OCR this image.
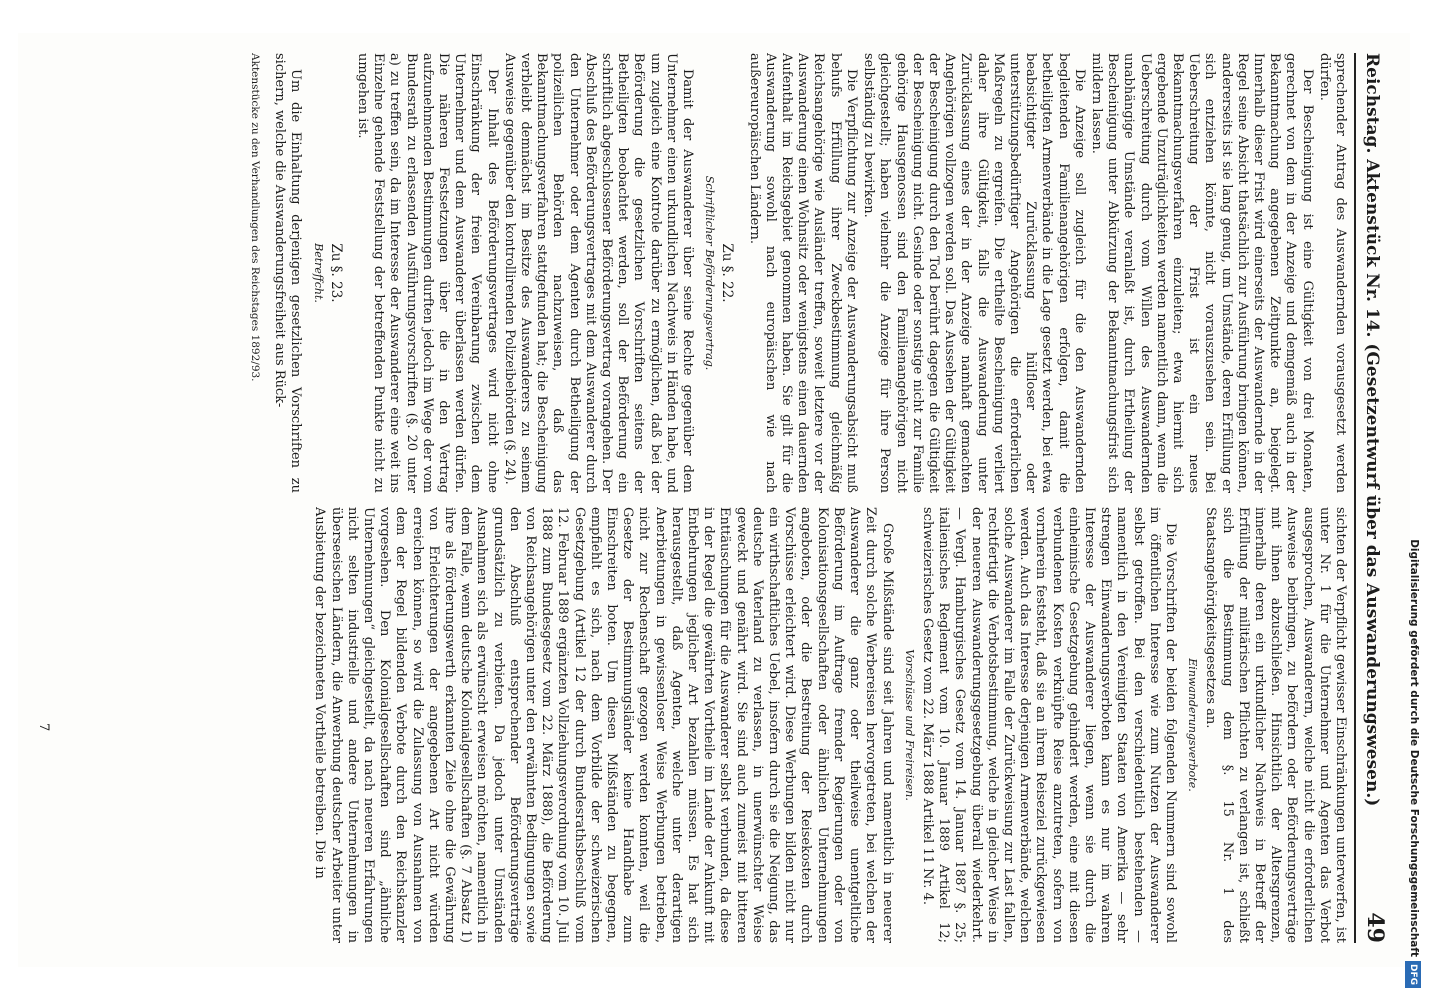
Reichstag. Aktenstück Nr. 14. (Gesetzentwurf über das Auswanderungswesen.)
49

sprechender Antrag des Auswandernden vorausgesetzt werden dürfen.

Der Bescheinigung ist eine Gültigkeit von drei Monaten, gerechnet von dem in der Anzeige und demgemäß auch in der Bekanntmachung angegebenen Zeitpunkte an, beigelegt. Innerhalb dieser Frist wird einerseits der Auswandernde in der Regel seine Absicht thatsächlich zur Ausführung bringen können, andererseits ist sie lang genug, um Umstände, deren Erfüllung er sich entziehen könnte, nicht vorauszusehen sein. Bei Ueberschreitung der Frist ist ein neues Bekanntmachungsverfahren einzuleiten; etwa hiermit sich ergebende Unzuträglichkeiten werden namentlich dann, wenn die Ueberschreitung durch vom Willen des Auswandernden unabhängige Umstände veranlaßt ist, durch Ertheilung der Bescheinigung unter Abkürzung der Bekanntmachungsfrist sich mildern lassen.

Die Anzeige soll zugleich für die den Auswandernden begleitenden Familienangehörigen erfolgen, damit die betheiligten Armenverbände in die Lage gesetzt werden, bei etwa beabsichtigter Zurücklassung hülfloser oder unterstützungsbedürftiger Angehörigen die erforderlichen Maßregeln zu ergreifen. Die ertheilte Bescheinigung verliert daher ihre Gültigkeit, falls die Auswanderung unter Zurücklassung eines der in der Anzeige namhaft gemachten Angehörigen vollzogen werden soll. Das Aussehen der Gültigkeit der Bescheinigung durch den Tod berührt dagegen die Gültigkeit der Bescheinigung nicht. Gesinde oder sonstige nicht zur Familie gehörige Hausgenossen sind den Familienangehörigen nicht gleichgestellt; haben vielmehr die Anzeige für ihre Person selbständig zu bewirken.

Die Verpflichtung zur Anzeige der Auswanderungsabsicht muß behufs Erfüllung ihrer Zweckbestimmung gleichmäßig Reichsangehörige wie Ausländer treffen, soweit letztere vor der Auswanderung einen Wohnsitz oder wenigstens einen dauernden Aufenthalt im Reichsgebiet genommen haben. Sie gilt für die Auswanderung sowohl nach europäischen wie nach außereuropäischen Ländern.

Zu §. 22.

Schriftlicher Beförderungsvertrag.

Damit der Auswanderer über seine Rechte gegenüber dem Unternehmer einen urkundlichen Nachweis in Händen habe, und um zugleich eine Kontrole darüber zu ermöglichen, daß bei der Beförderung die gesetzlichen Vorschriften seitens der Betheiligten beobachtet werden, soll der Beförderung ein schriftlich abgeschlossener Beförderungsvertrag vorangehen. Der Abschluß des Beförderungsvertrages mit dem Auswanderer durch den Unternehmer oder dem Agenten durch Betheiligung der polizeilichen Behörden nachzuweisen, daß das Bekanntmachungsverfahren stattgefunden hat; die Bescheinigung verbleibt demnächst im Besitze des Auswanderers zu seinem Ausweise gegenüber den kontrollirenden Polizeibehörden (§. 24).

Der Inhalt des Beförderungsvertrages wird nicht ohne Einschränkung der freien Vereinbarung zwischen dem Unternehmer und dem Auswanderer überlassen werden dürfen. Die näheren Festsetzungen über die in den Vertrag aufzunehmenden Bestimmungen durften jedoch im Wege der vom Bundesrath zu erlassenden Ausführungsvorschriften (§. 20 unter a) zu treffen sein, da im Interesse der Auswanderer eine weit ins Einzelne gehende Feststellung der betreffenden Punkte nicht zu umgehen ist.

Zu §. 23.

Betreffcht.

Um die Einhaltung derjenigen gesetzlichen Vorschriften zu sichern, welche die Auswanderungsfreiheit aus Rück-

Aktenstücke zu den Verhandlungen des Reichstages 1892/93.

sichten der Verpflicht gewisser Einschränkungen unterwerfen, ist unter Nr. 1 für die Unternehmer und Agenten das Verbot ausgesprochen, Auswanderern, welche nicht die erforderlichen Ausweise beibringen, zu befördern oder Beförderungsverträge mit ihnen abzuschließen. Hinsichtlich der Altersgrenzen, innerhalb deren ein urkundlicher Nachweis in Betreff der Erfüllung der militärischen Pflichten zu verlangen ist, schließt sich die Bestimmung dem §. 15 Nr. 1 des Staatsangehörigkeitsgesetzes an.

Einwanderungsverbote.

Die Vorschriften der beiden folgenden Nummern sind sowohl im öffentlichen Interesse wie zum Nutzen der Auswanderer selbst getroffen. Bei den verschiedentlich bestehenden — namentlich in den Vereinigten Staaten von Amerika — sehr strengen Einwanderungsverboten kann es nur im wahren Interesse der Auswanderer liegen, wenn sie durch die einheimische Gesetzgebung gehindert werden, eine mit diesen verbundenen Kosten verknüpfte Reise anzutreten, sofern von vornherein feststeht, daß sie an ihrem Reiseziel zurückgewiesen werden. Auch das Interesse derjenigen Armenverbände, welchen solche Auswanderer im Falle der Zurückweisung zur Last fallen, rechtfertigt die Verbotsbestimmung, welche in gleicher Weise in der neueren Auswanderungsgesetzgebung überall wiederkehrt. — Vergl. Hamburgisches Gesetz vom 14. Januar 1887 §. 25; italienisches Reglement vom 10. Januar 1889 Artikel 12; schweizerisches Gesetz vom 22. März 1888 Artikel 11 Nr. 4.

Vorschüsse und Freireisen.

Große Mißstände sind seit Jahren und namentlich in neuerer Zeit durch solche Werbereisen hervorgetreten, bei welchen der Auswanderer die ganz oder theilweise unentgeltliche Beförderung im Auftrage fremder Regierungen oder von Kolonisationsgesellschaften oder ähnlichen Unternehmungen angeboten, oder die Bestreitung der Reisekosten durch Vorschüsse erleichtert wird. Diese Werbungen bilden nicht nur ein wirthschaftliches Uebel, insofern durch sie die Neigung, das deutsche Vaterland zu verlassen, in unerwünschter Weise geweckt und genährt wird. Sie sind auch zumeist mit bitteren Enttäuschungen für die Auswanderer selbst verbunden, da diese in der Regel die gewährten Vortheile im Lande der Ankunft mit Entbehrungen jeglicher Art bezahlen müssen. Es hat sich herausgestellt, daß Agenten, welche unter derartigen Anerbietungen in gewissenloser Weise Werbungen betrieben, nicht zur Rechenschaft gezogen werden konnten, weil die Gesetze der Bestimmungsländer keine Handhabe zum Einschreiten boten. Um diesen Mißständen zu begegnen, empfiehlt es sich, nach dem Vorbilde der schweizerischen Gesetzgebung (Artikel 12 der durch Bundesrathsbeschluß vom 12. Februar 1889 ergänzten Vollziehungsverordnung vom 10. Juli 1888 zum Bundesgesetz vom 22. März 1888), die Beförderung von Reichsangehörigen unter den erwähnten Bedingungen sowie den Abschluß entsprechender Beförderungsverträge grundsätzlich zu verbieten. Da jedoch unter Umständen Ausnahmen sich als erwünscht erweisen möchten, namentlich in dem Falle, wenn deutsche Kolonialgesellschaften (§. 7 Absatz 1) ihre als förderungswerth erkannten Ziele ohne die Gewährung von Erleichterungen der angegebenen Art nicht würden erreichen können, so wird die Zulassung von Ausnahmen von dem der Regel bildenden Verbote durch den Reichskanzler vorgesehen. Den Kolonialgesellschaften sind „ähnliche Unternehmungen“ gleichgestellt, da nach neueren Erfahrungen nicht selten industrielle und andere Unternehmungen in überseeischen Ländern, die Anwerbung deutscher Arbeiter unter Ausbietung der bezeichneten Vortheile betreiben. Die in

7	Digitalisierung gefördert durch die Deutsche ForschungsgemeinschaftDFG
